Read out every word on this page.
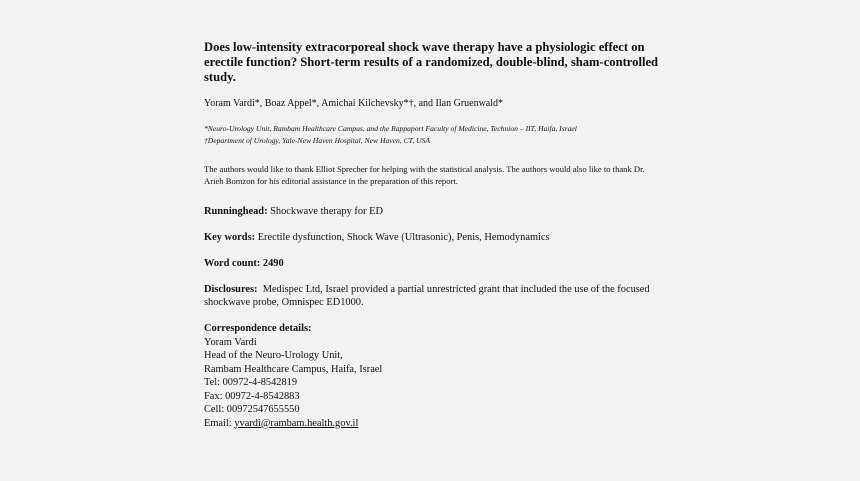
Does low-intensity extracorporeal shock wave therapy have a physiologic effect on erectile function? Short-term results of a randomized, double-blind, sham-controlled study.
Yoram Vardi*, Boaz Appel*, Amichai Kilchevsky*†, and Ilan Gruenwald*
*Neuro-Urology Unit, Rambam Healthcare Campus, and the Rappaport Faculty of Medicine, Technion – IIT, Haifa, Israel
†Department of Urology, Yale-New Haven Hospital, New Haven, CT, USA
The authors would like to thank Elliot Sprecher for helping with the statistical analysis. The authors would also like to thank Dr. Arieh Bomzon for his editorial assistance in the preparation of this report.
Runninghead: Shockwave therapy for ED
Key words: Erectile dysfunction, Shock Wave (Ultrasonic), Penis, Hemodynamics
Word count: 2490
Disclosures: Medispec Ltd, Israel provided a partial unrestricted grant that included the use of the focused shockwave probe, Omnispec ED1000.
Correspondence details:
Yoram Vardi
Head of the Neuro-Urology Unit,
Rambam Healthcare Campus, Haifa, Israel
Tel: 00972-4-8542819
Fax: 00972-4-8542883
Cell: 00972547655550
Email: yvardi@rambam.health.gov.il
